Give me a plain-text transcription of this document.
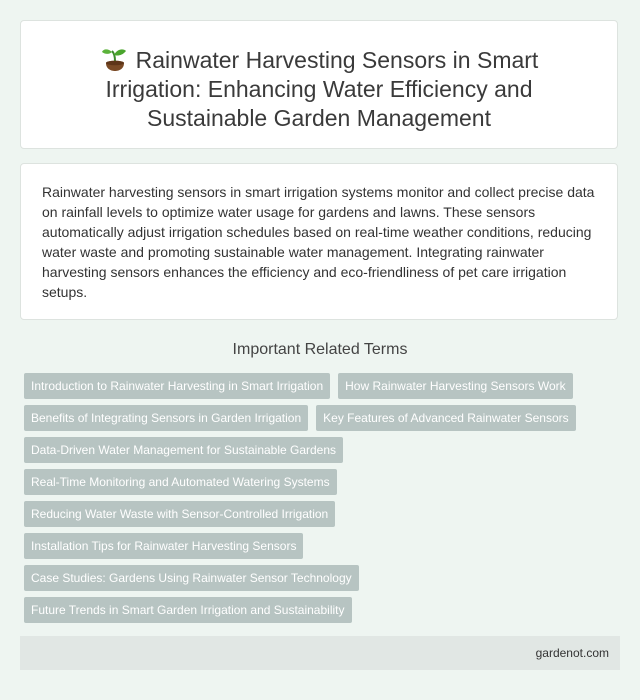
Rainwater Harvesting Sensors in Smart Irrigation: Enhancing Water Efficiency and Sustainable Garden Management

Rainwater harvesting sensors in smart irrigation systems monitor and collect precise data on rainfall levels to optimize water usage for gardens and lawns. These sensors automatically adjust irrigation schedules based on real-time weather conditions, reducing water waste and promoting sustainable water management. Integrating rainwater harvesting sensors enhances the efficiency and eco-friendliness of pet care irrigation setups.

Important Related Terms
Introduction to Rainwater Harvesting in Smart Irrigation	How Rainwater Harvesting Sensors Work
Benefits of Integrating Sensors in Garden Irrigation	Key Features of Advanced Rainwater Sensors
Data-Driven Water Management for Sustainable Gardens
Real-Time Monitoring and Automated Watering Systems
Reducing Water Waste with Sensor-Controlled Irrigation
Installation Tips for Rainwater Harvesting Sensors
Case Studies: Gardens Using Rainwater Sensor Technology
Future Trends in Smart Garden Irrigation and Sustainability
gardenot.com
